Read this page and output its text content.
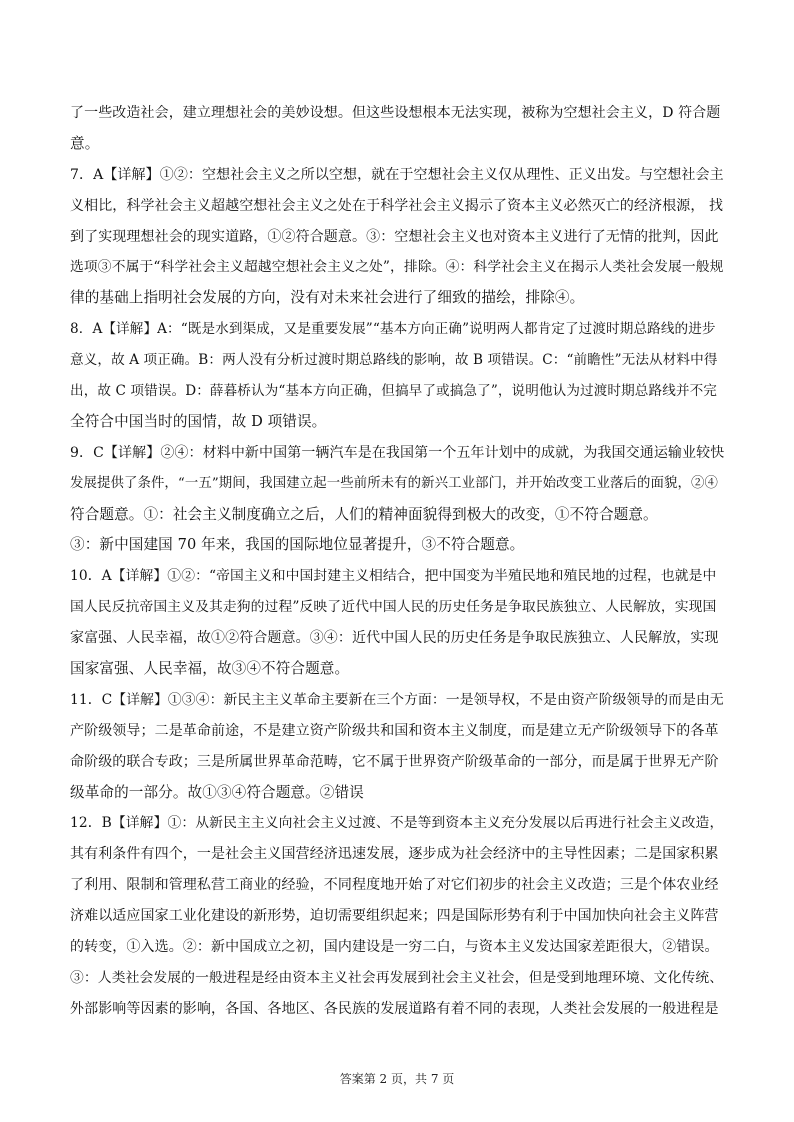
了一些改造社会，建立理想社会的美妙设想。但这些设想根本无法实现，被称为空想社会主义，D 符合题
意。
7．A【详解】①②：空想社会主义之所以空想，就在于空想社会主义仅从理性、正义出发。与空想社会主
义相比，科学社会主义超越空想社会主义之处在于科学社会主义揭示了资本主义必然灭亡的经济根源， 找
到了实现理想社会的现实道路，①②符合题意。③：空想社会主义也对资本主义进行了无情的批判，因此
选项③不属于“科学社会主义超越空想社会主义之处”，排除。④：科学社会主义在揭示人类社会发展一般规
律的基础上指明社会发展的方向，没有对未来社会进行了细致的描绘，排除④。
8．A【详解】A：“既是水到渠成，又是重要发展”“基本方向正确”说明两人都肯定了过渡时期总路线的进步
意义，故 A 项正确。B：两人没有分析过渡时期总路线的影响，故 B 项错误。C：“前瞻性”无法从材料中得
出，故 C 项错误。D：薛暮桥认为“基本方向正确，但搞早了或搞急了”，说明他认为过渡时期总路线并不完
全符合中国当时的国情，故 D 项错误。
9．C【详解】②④：材料中新中国第一辆汽车是在我国第一个五年计划中的成就，为我国交通运输业较快
发展提供了条件，“一五”期间，我国建立起一些前所未有的新兴工业部门，并开始改变工业落后的面貌，②④
符合题意。①：社会主义制度确立之后，人们的精神面貌得到极大的改变，①不符合题意。
③：新中国建国 70 年来，我国的国际地位显著提升，③不符合题意。
10．A【详解】①②：“帝国主义和中国封建主义相结合，把中国变为半殖民地和殖民地的过程，也就是中
国人民反抗帝国主义及其走狗的过程”反映了近代中国人民的历史任务是争取民族独立、人民解放，实现国
家富强、人民幸福，故①②符合题意。③④：近代中国人民的历史任务是争取民族独立、人民解放，实现
国家富强、人民幸福，故③④不符合题意。
11．C【详解】①③④：新民主主义革命主要新在三个方面：一是领导权，不是由资产阶级领导的而是由无
产阶级领导；二是革命前途，不是建立资产阶级共和国和资本主义制度，而是建立无产阶级领导下的各革
命阶级的联合专政；三是所属世界革命范畴，它不属于世界资产阶级革命的一部分，而是属于世界无产阶
级革命的一部分。故①③④符合题意。②错误
12．B【详解】①：从新民主主义向社会主义过渡、不是等到资本主义充分发展以后再进行社会主义改造，
其有利条件有四个，一是社会主义国营经济迅速发展，逐步成为社会经济中的主导性因素；二是国家积累
了利用、限制和管理私营工商业的经验，不同程度地开始了对它们初步的社会主义改造；三是个体农业经
济难以适应国家工业化建设的新形势，迫切需要组织起来；四是国际形势有利于中国加快向社会主义阵营
的转变，①入选。②：新中国成立之初，国内建设是一穷二白，与资本主义发达国家差距很大，②错误。
③：人类社会发展的一般进程是经由资本主义社会再发展到社会主义社会，但是受到地理环境、文化传统、
外部影响等因素的影响，各国、各地区、各民族的发展道路有着不同的表现，人类社会发展的一般进程是
答案第 2 页，共 7 页
